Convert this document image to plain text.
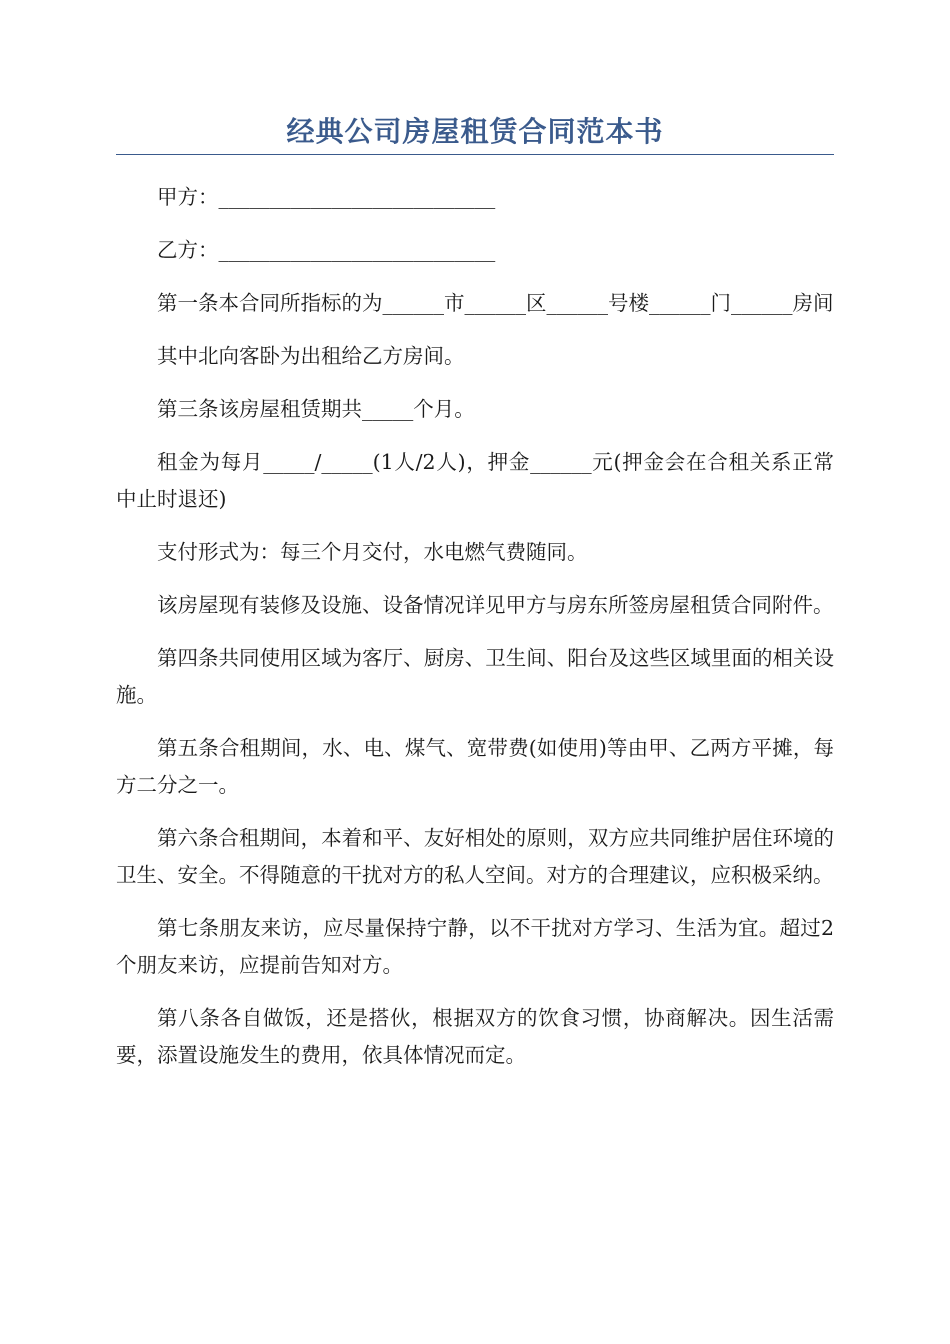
经典公司房屋租赁合同范本书

甲方：___________________________

乙方：___________________________

第一条本合同所指标的为______市______区______号楼______门______房间

其中北向客卧为出租给乙方房间。

第三条该房屋租赁期共_____个月。

租金为每月_____/_____(1人/2人)，押金______元(押金会在合租关系正常中止时退还)

支付形式为：每三个月交付，水电燃气费随同。

该房屋现有装修及设施、设备情况详见甲方与房东所签房屋租赁合同附件。

第四条共同使用区域为客厅、厨房、卫生间、阳台及这些区域里面的相关设施。

第五条合租期间，水、电、煤气、宽带费(如使用)等由甲、乙两方平摊，每方二分之一。

第六条合租期间，本着和平、友好相处的原则，双方应共同维护居住环境的卫生、安全。不得随意的干扰对方的私人空间。对方的合理建议，应积极采纳。

第七条朋友来访，应尽量保持宁静，以不干扰对方学习、生活为宜。超过2个朋友来访，应提前告知对方。

第八条各自做饭，还是搭伙，根据双方的饮食习惯，协商解决。因生活需要，添置设施发生的费用，依具体情况而定。
